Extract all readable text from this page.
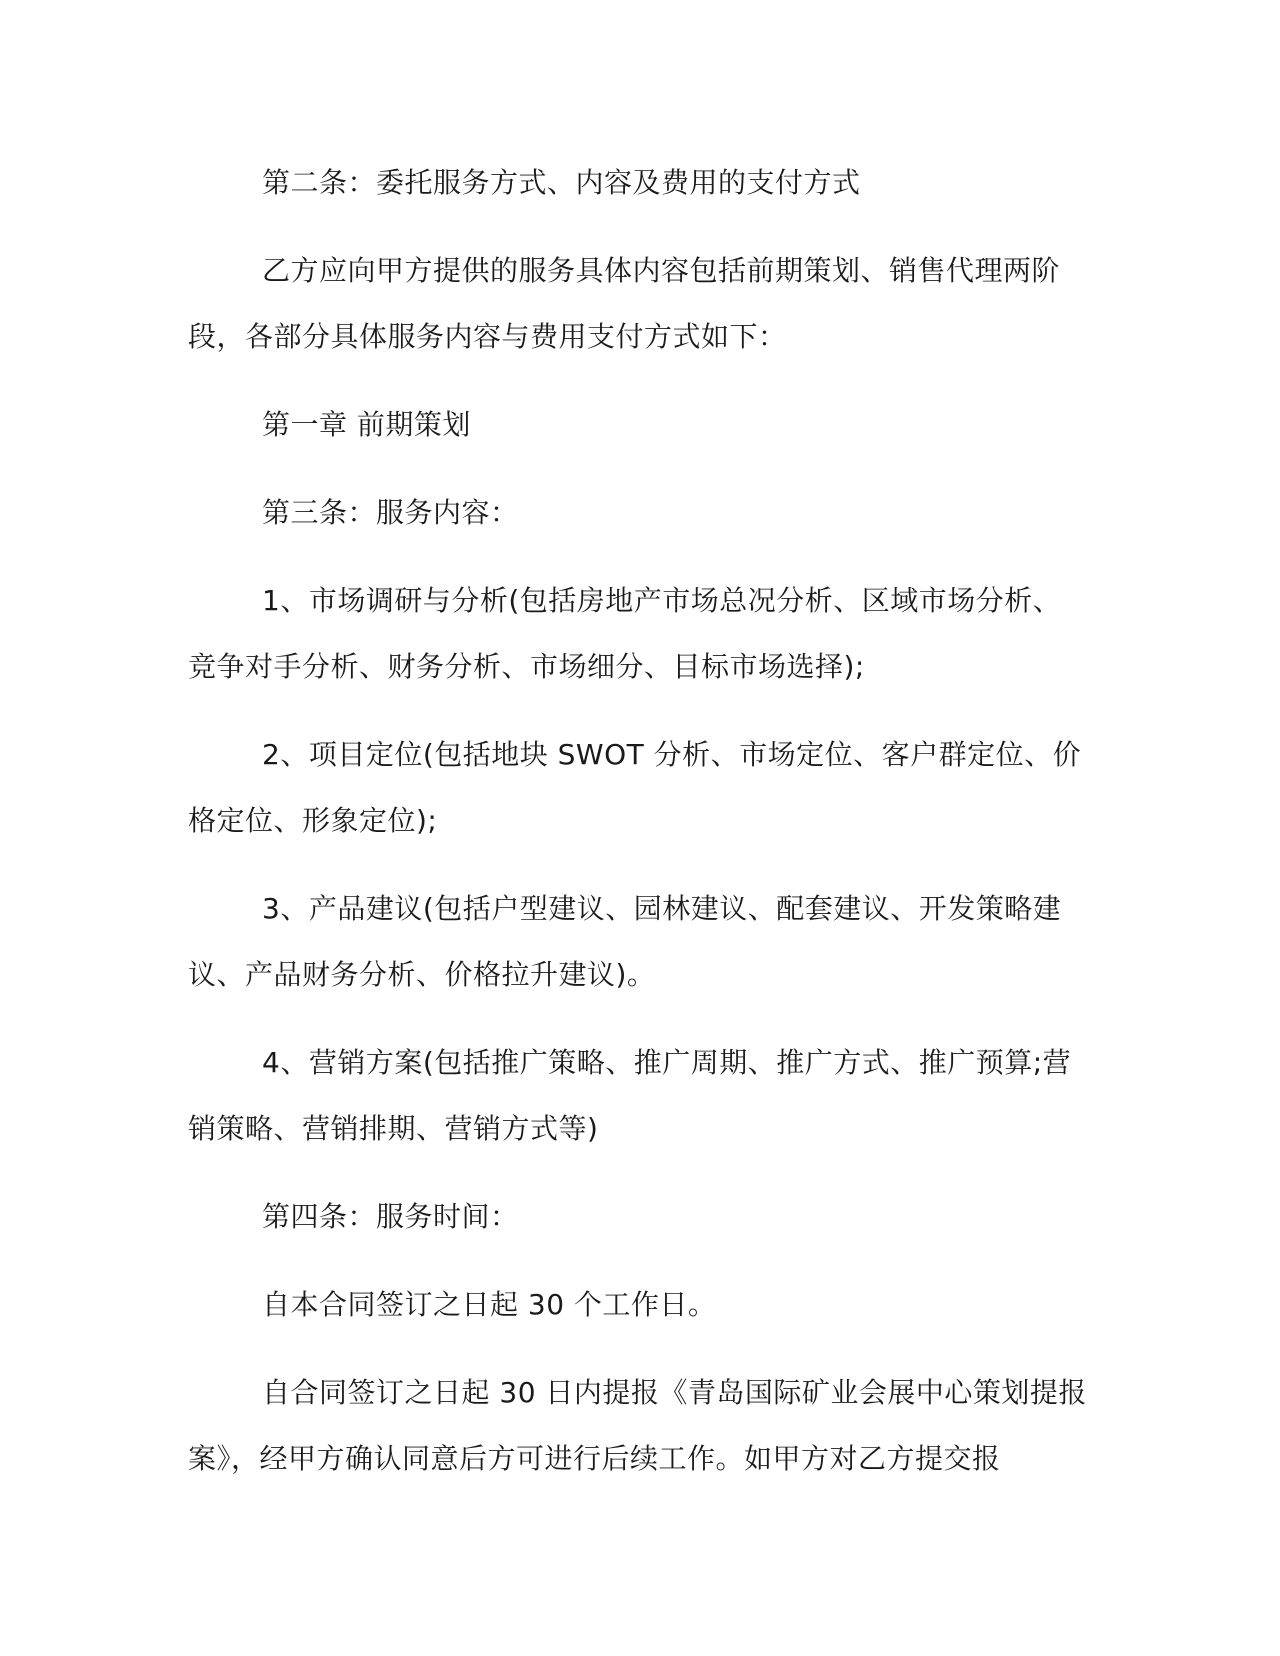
第二条：委托服务方式、内容及费用的支付方式

乙方应向甲方提供的服务具体内容包括前期策划、销售代理两阶段，各部分具体服务内容与费用支付方式如下：

第一章 前期策划

第三条：服务内容：

1、市场调研与分析(包括房地产市场总况分析、区域市场分析、竞争对手分析、财务分析、市场细分、目标市场选择);

2、项目定位(包括地块 SWOT 分析、市场定位、客户群定位、价格定位、形象定位);

3、产品建议(包括户型建议、园林建议、配套建议、开发策略建议、产品财务分析、价格拉升建议)。

4、营销方案(包括推广策略、推广周期、推广方式、推广预算;营销策略、营销排期、营销方式等)

第四条：服务时间：

自本合同签订之日起 30 个工作日。

自合同签订之日起 30 日内提报《青岛国际矿业会展中心策划提报案》，经甲方确认同意后方可进行后续工作。如甲方对乙方提交报
